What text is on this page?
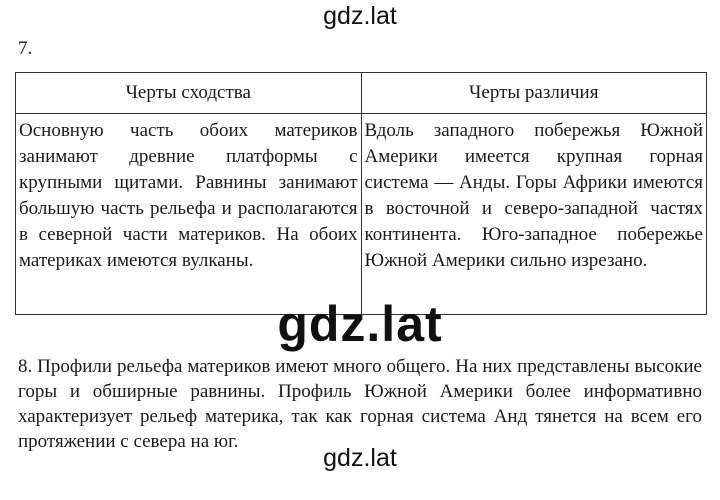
gdz.lat
7.
Черты сходства	Черты различия
Основную часть обоих материков занимают древние платформы с крупными щитами. Равнины занимают большую часть рельефа и располагаются в северной части материков. На обоих материках имеются вулканы.	Вдоль западного побережья Южной Америки имеется крупная горная система — Анды. Горы Африки имеются в восточной и северо-западной частях континента. Юго-западное побережье Южной Америки сильно изрезано.
gdz.lat
8. Профили рельефа материков имеют много общего. На них представлены высокие горы и обширные равнины. Профиль Южной Америки более информативно характеризует рельеф материка, так как горная система Анд тянется на всем его протяжении с севера на юг.
gdz.lat
